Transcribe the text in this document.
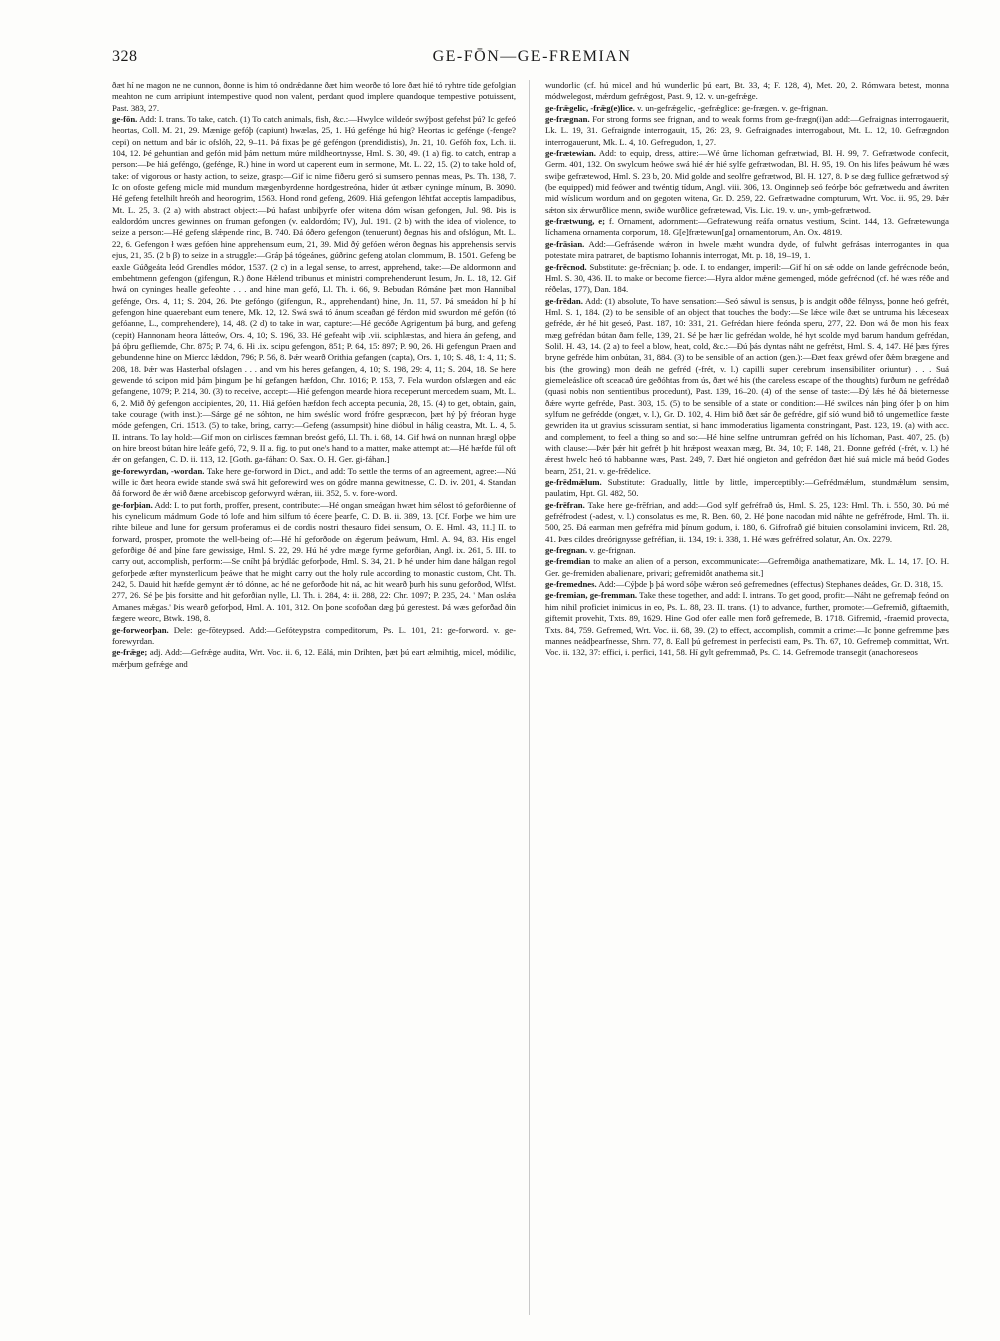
328	GE-FŌN—GE-FREMIAN

ðæt hí ne magon ne ne cunnon, ðonne is him tó ondrǽdanne ðæt him weorðe tó lore ðæt hié tó ryhtre tíde gefolgian meahton ne cum arripiunt intempestive quod non valent, perdant quod implere quandoque tempestive potuissent, Past. 383, 27.

ge-fōn. Add: I. trans. To take, catch. (1) To catch animals, fish, &c.:—Hwylce wildeór swýþost gefehst þú? Ic gefeó heortas, Coll. M. 21, 29. Mænige gefóþ (capiunt) hwælas, 25, 1. Hú gefénge hú hig? Heortas ic gefénge (-fenge? cepi) on nettum and bár ic ofslóh, 22, 9–11. Þá fixas þe gé geféngon (prendidistis), Jn. 21, 10. Gefóh fox, Lch. ii. 104, 12. Þé gehuntian and gefón mid þám nettum múre mildheortnysse, Hml. S. 30, 49. (1 a) fig. to catch, entrap a person:—Þe hiá geféngo, (gefénge, R.) hine in word ut caperent eum in sermone, Mt. L. 22, 15. (2) to take hold of, take: of vigorous or hasty action, to seize, grasp:—Gif ic nime fiðeru geró si sumsero pennas meas, Ps. Th. 138, 7. Ic on ofoste gefeng micle mid mundum mægenbyrdenne hordgestreóna, hider út ætbær cyninge mínum, B. 3090. Hé gefeng fetelhilt hreóh and heorogrim, 1563. Hond rond gefeng, 2609. Hiá gefengon léhtfat acceptis lampadibus, Mt. L. 25, 3. (2 a) with abstract object:—Þú hafast unbiþyrfe ofer witena dóm wísan gefongen, Jul. 98. Þis is ealdordóm uncres gewinnes on fruman gefongen (v. ealdordóm; IV), Jul. 191. (2 b) with the idea of violence, to seize a person:—Hé gefeng slǽpende rinc, B. 740. Ðá óðero gefengon (tenuerunt) ðegnas his and ofslógun, Mt. L. 22, 6. Gefengon ł wæs gefóen hine apprehensum eum, 21, 39. Mid ðý gefóen wéron ðegnas his apprehensis servis ejus, 21, 35. (2 b β) to seize in a struggle:—Gráp þá tógeánes, gúðrinc gefeng atolan clommum, B. 1501. Gefeng be eaxle Gúðgeáta leód Grendles módor, 1537. (2 c) in a legal sense, to arrest, apprehend, take:—Ðe aldormonn and embehtmenn gefengon (gifengun, R.) ðone Hǽlend tribunus et ministri comprehenderunt Iesum, Jn. L. 18, 12. Gif hwá on cyninges healle gefeohte . . . and hine man gefó, Ll. Th. i. 66, 9. Bebudan Rómáne þæt mon Hannibal gefénge, Ors. 4, 11; S. 204, 26. Þte gefóngo (gifengun, R., apprehendant) hine, Jn. 11, 57. Þá smeádon hí þ hí gefengon hine quaerebant eum tenere, Mk. 12, 12. Swá swá tó ánum sceaðan gé férdon mid swurdon mé gefón (tó gefóanne, L., comprehendere), 14, 48. (2 d) to take in war, capture:—Hé gecóðe Agrigentum þá burg, and gefeng (cepit) Hannonam heora látteów, Ors. 4, 10; S. 196, 33. Hé gefeaht wiþ .vii. sciphlæstas, and hiera án gefeng, and þá óþru gefliemde, Chr. 875; P. 74, 6. Hi .ix. scipu gefengon, 851; P. 64, 15: 897; P. 90, 26. Hi gefengun Praen and gebundenne hine on Miercc lǽddon, 796; P. 56, 8. Þǽr wearð Orithia gefangen (capta), Ors. 1, 10; S. 48, 1: 4, 11; S. 208, 18. Þǽr was Hasterbal ofslagen . . . and vm his heres gefangen, 4, 10; S. 198, 29: 4, 11; S. 204, 18. Se here gewende tó scipon mid þám þingum þe hí gefangen hæfdon, Chr. 1016; P. 153, 7. Fela wurdon ofslægen and eác gefangene, 1079; P. 214, 30. (3) to receive, accept:—Hié gefengon mearde hiora receperunt mercedem suam, Mt. L. 6, 2. Mið ðý gefengon accipientes, 20, 11. Hiá gefóen hæfdon fech accepta pecunia, 28, 15. (4) to get, obtain, gain, take courage (with inst.):—Sárge gé ne sóhton, ne him swéslíc word frófre gespræcon, þæt hý þý fréoran hyge móde gefengen, Cri. 1513. (5) to take, bring, carry:—Gefeng (assumpsit) hine dióbul in hálig ceastra, Mt. L. 4, 5. II. intrans. To lay hold:—Gif mon on cirlisces fæmnan breóst gefó, Ll. Th. i. 68, 14. Gif hwá on nunnan hrægl oþþe on hire breost bútan hire leáfe gefó, 72, 9. II a. fig. to put one's hand to a matter, make attempt at:—Hé hæfde fúl oft ǽr on gefangen, C. D. ii. 113, 12. [Goth. ga-fáhan: O. Sax. O. H. Ger. gi-fáhan.]

ge-forewyrdan, -wordan. Take here ge-forword in Dict., and add: To settle the terms of an agreement, agree:—Nú wille ic ðæt heora ewide stande swá swá hit geforewird wes on gódre manna gewitnesse, C. D. iv. 201, 4. Standan ðá forword ðe ǽr wið ðæne arcebiscop geforwyrd wǽran, iii. 352, 5. v. fore-word.

ge-forþian. Add: I. to put forth, proffer, present, contribute:—Hé ongan smeágan hwæt him sélost tó geforðienne of his cynelicum mádmum Gode tó lofe and him silfum tó écere þearfe, C. D. B. ii. 389, 13. [Cf. Forþe we him ure rihte bileue and lune for gersum proferamus ei de cordis nostri thesauro fidei sensum, O. E. Hml. 43, 11.] II. to forward, prosper, promote the well-being of:—Hé hí geforðode on ǽgerum þeáwum, Hml. A. 94, 83. His engel geforðige ðé and þíne fare gewissige, Hml. S. 22, 29. Hú hé ydre mæge fyrme geforðian, Angl. ix. 261, 5. III. to carry out, accomplish, perform:—Se cníht þá brýdlác geforþode, Hml. S. 34, 21. Þ hé under him dane hálgan regol geforþede æfter mynsterlicum þeáwe that he might carry out the holy rule according to monastic custom, Cht. Th. 242, 5. Dauid hit hæfde gemynt ǽr tó dónne, ac hé ne geforðode hit ná, ac hit wearð þurh his sunu geforðod, Wlfst. 277, 26. Sé þe þis forsitte and hit geforðian nylle, Ll. Th. i. 284, 4: ii. 288, 22: Chr. 1097; P. 235, 24. ' Man oslǽa Amanes mǽgas.' Þis wearð geforþod, Hml. A. 101, 312. On þone scofoðan dæg þú gerestest. Þá wæs geforðad ðin fægere weorc, Btwk. 198, 8.

ge-forweorþan. Dele: ge-fōteypsed. Add:—Gefóteypstra compeditorum, Ps. L. 101, 21: ge-forword. v. ge-forewyrdan.

ge-frǣge; adj. Add:—Gefrǽge audita, Wrt. Voc. ii. 6, 12. Eálá, min Drihten, þæt þú eart ælmihtig, micel, módilic, mǽrþum gefrǽge and

wundorlic (cf. hú micel and hú wunderlic þú eart, Bt. 33, 4; F. 128, 4), Met. 20, 2. Rómwara betest, monna módwelegost, mǽrdum gefrǽgost, Past. 9, 12. v. un-gefrǽge.

ge-frǣgelic, -frǣg(e)lice. v. un-gefrǽgelic, -gefrǽglice: ge-frægen. v. ge-frignan.

ge-frægnan. For strong forms see frignan, and to weak forms from ge-frægn(i)an add:—Gefraignas interrogauerit, Lk. L. 19, 31. Gefraignde interrogauit, 15, 26: 23, 9. Gefraignades interrogabout, Mt. L. 12, 10. Gefrægndon interrogauerunt, Mk. L. 4, 10. Gefregudon, 1, 27.

ge-frætewian. Add: to equip, dress, attire:—Wé ûrne líchoman gefrætwiad, Bl. H. 99, 7. Gefrætwode confecit, Germ. 401, 132. On swylcum heówe swá hié ǽr hié sylfe gefrætwodan, Bl. H. 95, 19. On his lifes þeáwum hé wæs swiþe gefrætewod, Hml. S. 23 b, 20. Mid golde and seolfre gefrætwod, Bl. H. 127, 8. Þ se dæg fullice gefrætwod sý (be equipped) mid feówer and twéntig tídum, Angl. viii. 306, 13. Onginneþ seó feórþe bóc gefrætwedu and áwriten mid wíslicum wordum and on gegoten witena, Gr. D. 259, 22. Gefrætwadne compturum, Wrt. Voc. ii. 95, 29. Þǽr sǽton six ǽrwurðlice menn, swiðe wurðlice gefrætewad, Vis. Lic. 19. v. un-, ymb-gefrætwod.

ge-frætwung, e; f. Ornament, adornment:—Gefratewung reáfa ornatus vestium, Scint. 144, 13. Gefrætewunga líchamena ornamenta corporum, 18. G[e]frætewun[ga] ornamentorum, An. Ox. 4819.

ge-frāsian. Add:—Gefrásende wǽron in hwele mæht wundra dyde, of fulwht gefrásas interrogantes in qua potestate mira patraret, de baptismo Iohannis interrogat, Mt. p. 18, 19–19, 1.

ge-frēcnod. Substitute: ge-frēcnian; þ. ode. I. to endanger, imperil:—Gif hí on sǽ odde on lande gefrécnode beón, Hml. S. 30, 436. II. to make or become fierce:—Hyra aldor mǽne gemenged, móde gefrécnod (cf. hé wæs réðe and réðelas, 177), Dan. 184.

ge-frēdan. Add: (1) absolute, To have sensation:—Seó sáwul is sensus, þ is andgit oððe félnyss, þonne heó gefrét, Hml. S. 1, 184. (2) to be sensible of an object that touches the body:—Se lǽce wile ðæt se untruma his lǽceseax gefréde, ǽr hé hit geseó, Past. 187, 10: 331, 21. Gefrédan hiere feónda speru, 277, 22. Ðon wá ðe mon his feax mæg gefrédan bútan ðam felle, 139, 21. Sé þe hær lic gefrédan wolde, hé hyt scolde myd barum handum gefrédan, Solil. H. 43, 14. (2 a) to feel a blow, heat, cold, &c.:—Ðú þás dyntas náht ne gefrétst, Hml. S. 4, 147. Hé þæs fýres bryne gefréde him onbútan, 31, 884. (3) to be sensible of an action (gen.):—Ðæt feax gréwd ofer ðǽm brægene and bis (the growing) mon deáh ne gefréd (-frét, v. l.) capilli super cerebrum insensibiliter oriuntur) . . . Suá giemeleáslice oft sceacað úre geðóhtas from ús, ðæt wé his (the careless escape of the thoughts) furðum ne gefrédað (quasi nobis non sentientibus procedunt), Past. 139, 16–20. (4) of the sense of taste:—Ðý lǽs hé ðá bieternesse ðǽre wyrte gefréde, Past. 303, 15. (5) to be sensible of a state or condition:—Hé swilces nán þing ófer þ on him sylfum ne gefrédde (ongæt, v. l.), Gr. D. 102, 4. Him bið ðæt sár ðe gefrédre, gif síó wund bið tó ungemetlíce fæste gewriden ita ut gravius scissuram sentiat, si hanc immoderatius ligamenta constringant, Past. 123, 19. (a) with acc. and complement, to feel a thing so and so:—Hé hine selfne untrumran gefréd on his líchoman, Past. 407, 25. (b) with clause:—Þǽr þǽr hit gefrét þ hit hrǽpost weaxan mæg, Bt. 34, 10; F. 148, 21. Ðonne gefréd (-frét, v. l.) hé ǽrest hwelc heó tó habbanne wæs, Past. 249, 7. Ðæt hié ongieton and gefrédon ðæt hié suá micle má beód Godes bearn, 251, 21. v. ge-frēdelice.

ge-frēdmǣlum. Substitute: Gradually, little by little, imperceptibly:—Gefrédmǽlum, stundmǽlum sensim, paulatim, Hpt. Gl. 482, 50.

ge-frēfran. Take here ge-frēfrian, and add:—God sylf gefréfrað ús, Hml. S. 25, 123: Hml. Th. i. 550, 30. Þú mé gefréfrodest (-adest, v. l.) consolatus es me, R. Ben. 60, 2. Hé þone nacodan mid náhte ne gefréfrode, Hml. Th. ii. 500, 25. Ðá earman men gefréfra mid þínum godum, i. 180, 6. Gifrofrað gié bituien consolamini invicem, Rtl. 28, 41. Þæs cildes dreórignysse gefréfian, ii. 134, 19: i. 338, 1. Hé wæs gefréfred solatur, An. Ox. 2279.

ge-fregnan. v. ge-frignan.

ge-fremdian to make an alien of a person, excommunicate:—Gefremðiga anathematizare, Mk. L. 14, 17. [O. H. Ger. ge-fremiden abalienare, privari; gefremidôt anathema sit.]

ge-fremednes. Add:—Cýþde þ þá word sóþe wǽron seó gefremednes (effectus) Stephanes deádes, Gr. D. 318, 15.

ge-fremian, ge-fremman. Take these together, and add: I. intrans. To get good, profit:—Náht ne gefremaþ feónd on him nihil proficiet inimicus in eo, Ps. L. 88, 23. II. trans. (1) to advance, further, promote:—Gefremið, giftaemith, giftemit provehit, Txts. 89, 1629. Hine God ofer ealle men forð gefremede, B. 1718. Gifremid, -fraemid provecta, Txts. 84, 759. Gefremed, Wrt. Voc. ii. 68, 39. (2) to effect, accomplish, commit a crime:—Ic þonne gefremme þæs mannes neádþearfnesse, Shrn. 77, 8. Eall þú gefremest in perfecisti eam, Ps. Th. 67, 10. Gefremeþ committat, Wrt. Voc. ii. 132, 37: effici, i. perfici, 141, 58. Hí gylt gefremmað, Ps. C. 14. Gefremode transegit (anachoreseos
